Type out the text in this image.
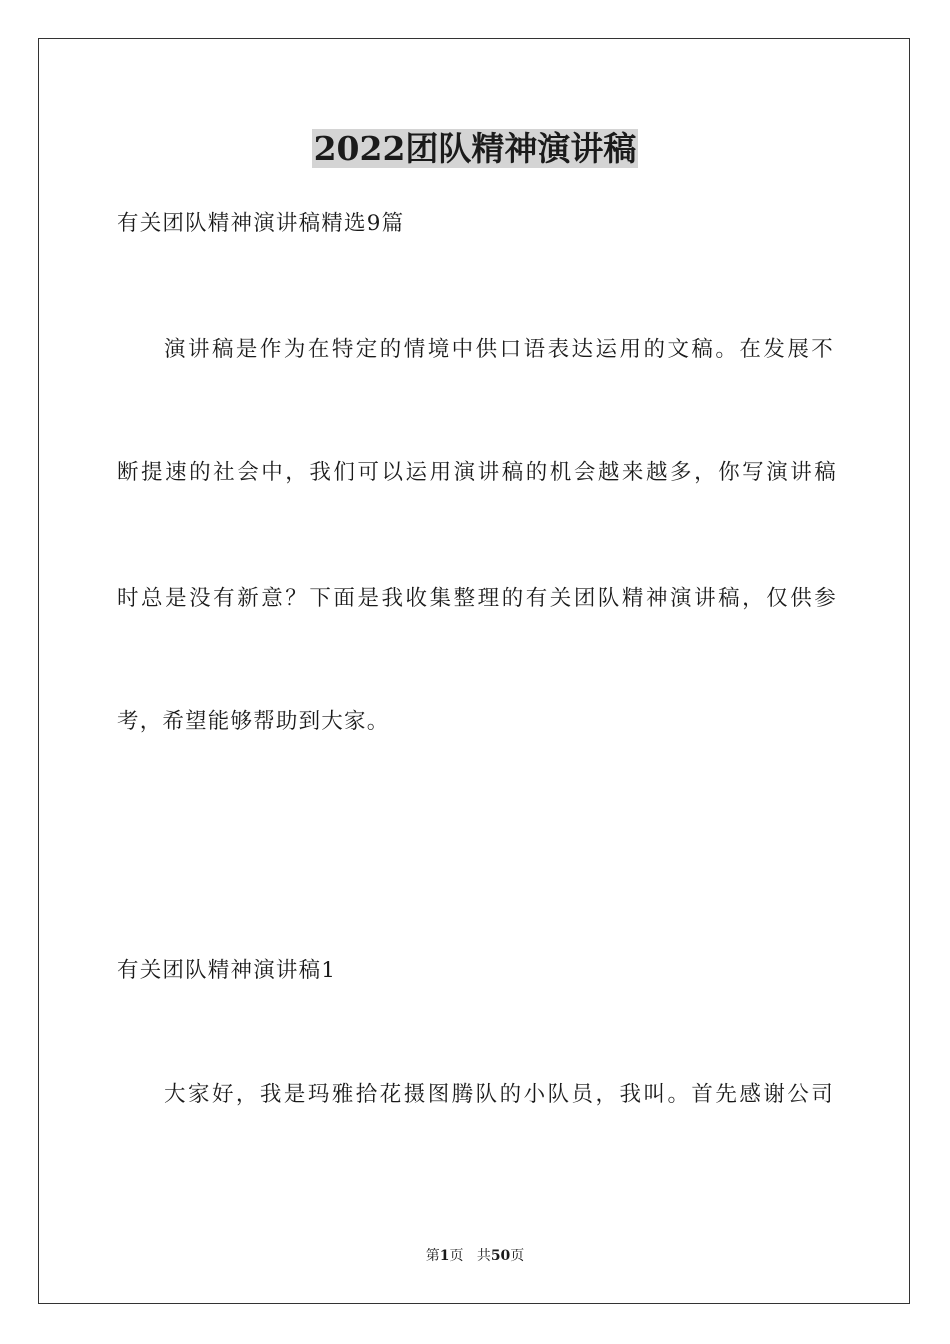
2022团队精神演讲稿
有关团队精神演讲稿精选9篇
演讲稿是作为在特定的情境中供口语表达运用的文稿。在发展不
断提速的社会中，我们可以运用演讲稿的机会越来越多，你写演讲稿
时总是没有新意？下面是我收集整理的有关团队精神演讲稿，仅供参
考，希望能够帮助到大家。
有关团队精神演讲稿1
大家好，我是玛雅拾花摄图腾队的小队员，我叫。首先感谢公司
第1页 共50页
